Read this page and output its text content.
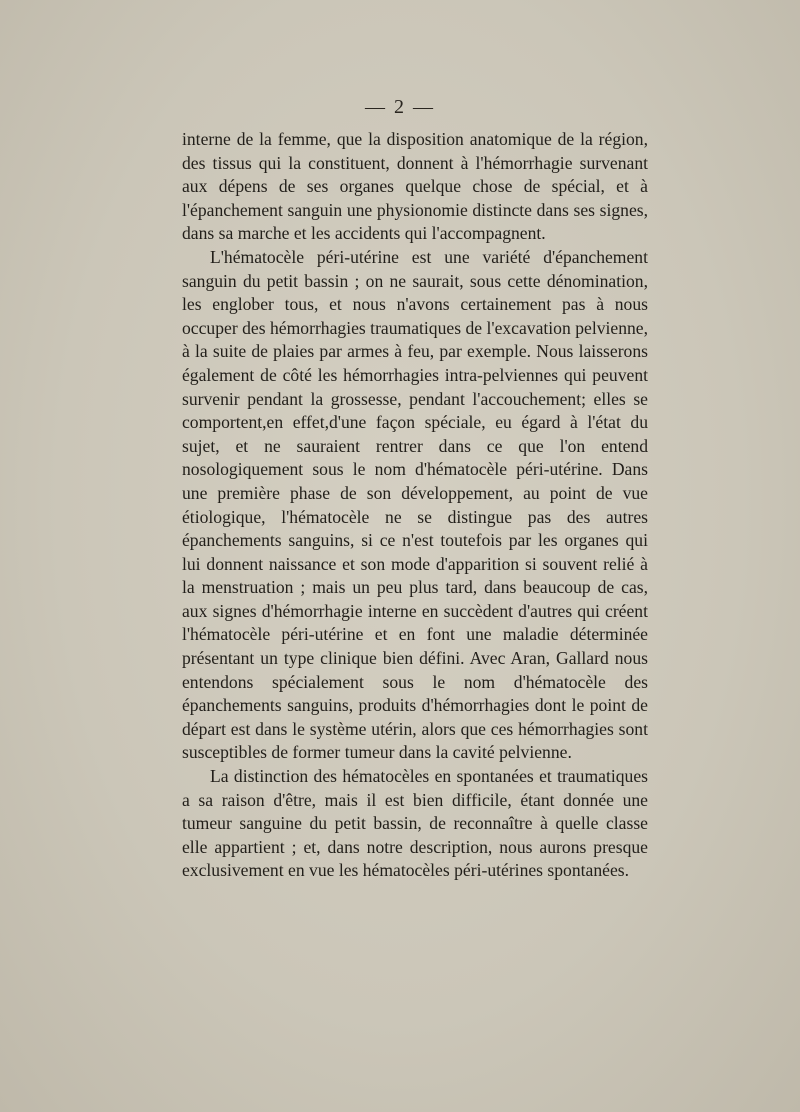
— 2 —

interne de la femme, que la disposition anatomique de la région, des tissus qui la constituent, donnent à l'hémorrhagie survenant aux dépens de ses organes quelque chose de spécial, et à l'épanchement sanguin une physionomie distincte dans ses signes, dans sa marche et les accidents qui l'accompagnent.

L'hématocèle péri-utérine est une variété d'épanchement sanguin du petit bassin ; on ne saurait, sous cette dénomination, les englober tous, et nous n'avons certainement pas à nous occuper des hémorrhagies traumatiques de l'excavation pelvienne, à la suite de plaies par armes à feu, par exemple. Nous laisserons également de côté les hémorrhagies intra-pelviennes qui peuvent survenir pendant la grossesse, pendant l'accouchement; elles se comportent,en effet,d'une façon spéciale, eu égard à l'état du sujet, et ne sauraient rentrer dans ce que l'on entend nosologiquement sous le nom d'hématocèle péri-utérine. Dans une première phase de son développement, au point de vue étiologique, l'hématocèle ne se distingue pas des autres épanchements sanguins, si ce n'est toutefois par les organes qui lui donnent naissance et son mode d'apparition si souvent relié à la menstruation ; mais un peu plus tard, dans beaucoup de cas, aux signes d'hémorrhagie interne en succèdent d'autres qui créent l'hématocèle péri-utérine et en font une maladie déterminée présentant un type clinique bien défini. Avec Aran, Gallard nous entendons spécialement sous le nom d'hématocèle des épanchements sanguins, produits d'hémorrhagies dont le point de départ est dans le système utérin, alors que ces hémorrhagies sont susceptibles de former tumeur dans la cavité pelvienne.

La distinction des hématocèles en spontanées et traumatiques a sa raison d'être, mais il est bien difficile, étant donnée une tumeur sanguine du petit bassin, de reconnaître à quelle classe elle appartient ; et, dans notre description, nous aurons presque exclusivement en vue les hématocèles péri-utérines spontanées.
